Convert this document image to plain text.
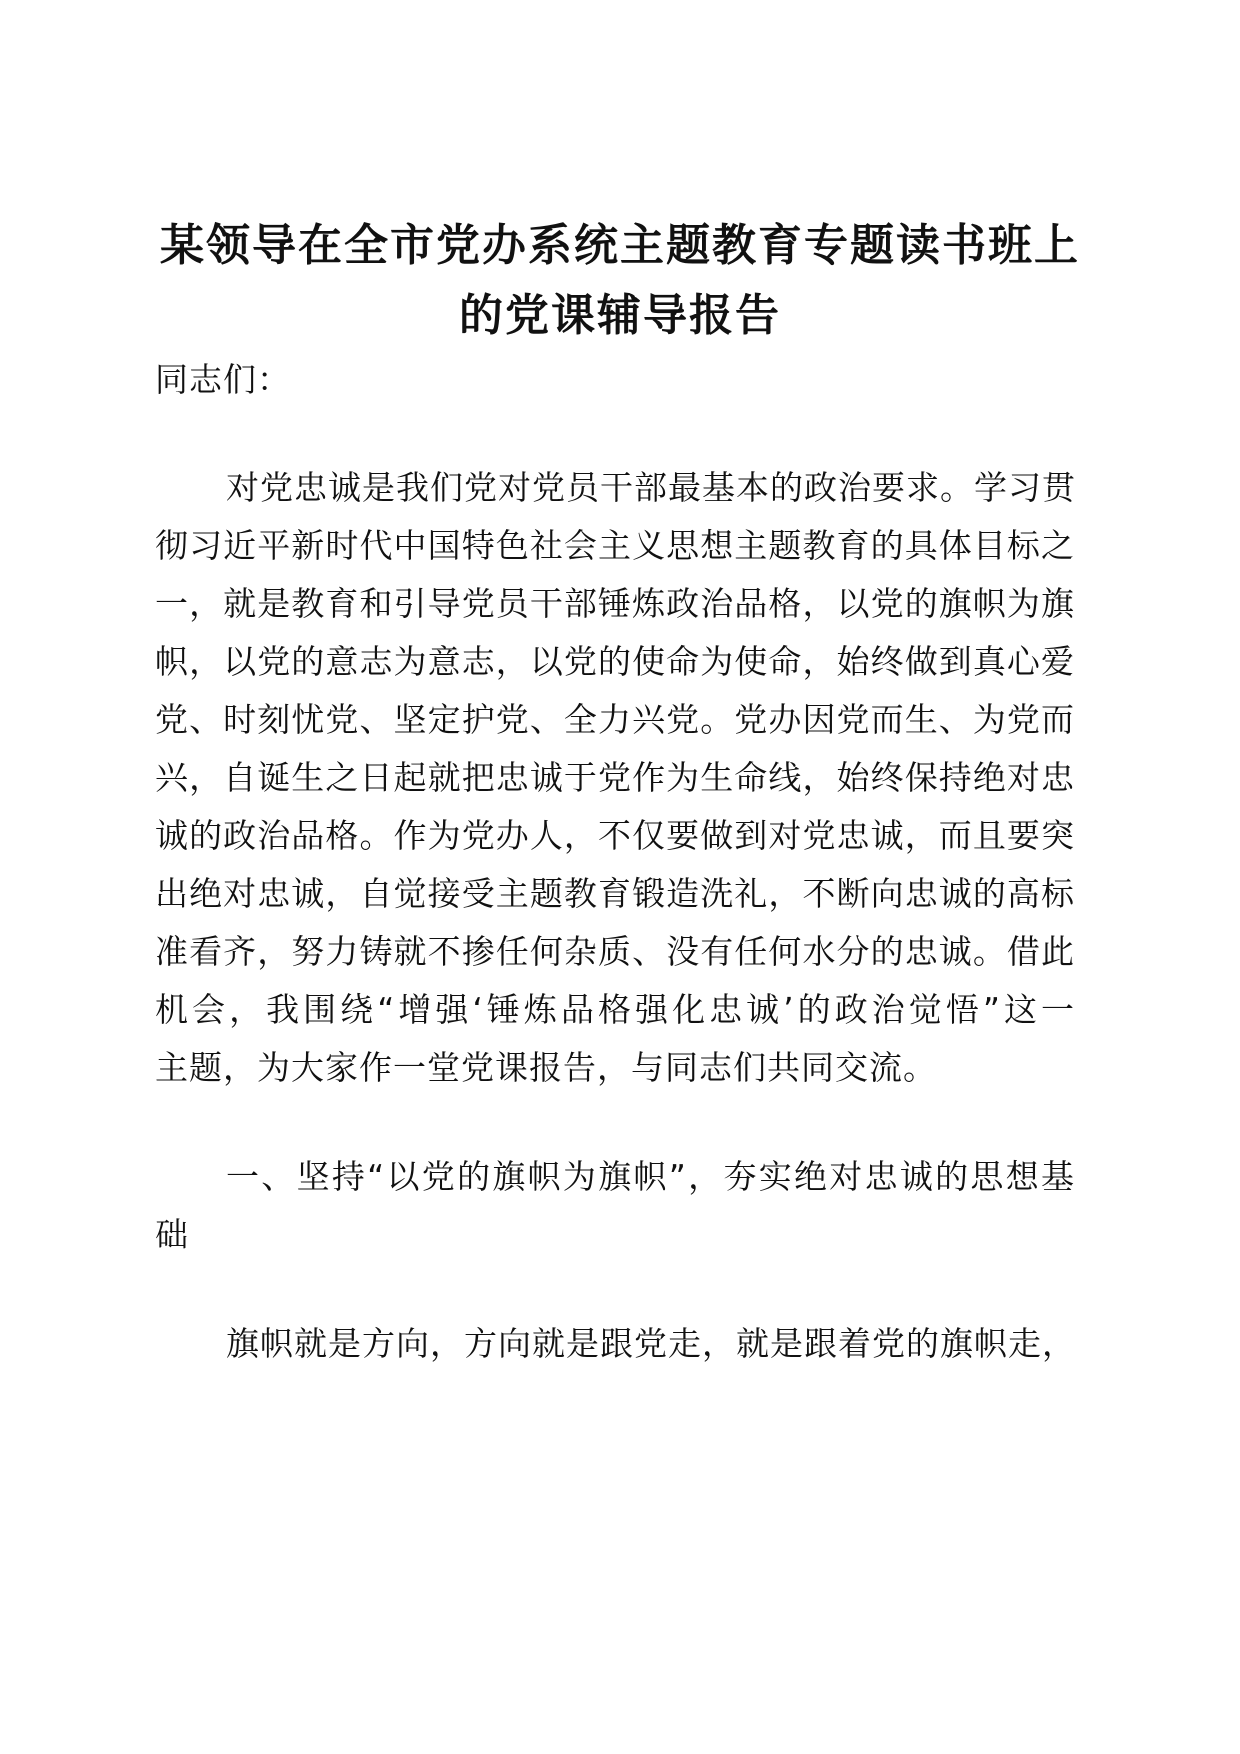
某领导在全市党办系统主题教育专题读书班上
的党课辅导报告
同志们：
对党忠诚是我们党对党员干部最基本的政治要求。学习贯
彻习近平新时代中国特色社会主义思想主题教育的具体目标之
一，就是教育和引导党员干部锤炼政治品格，以党的旗帜为旗
帜，以党的意志为意志，以党的使命为使命，始终做到真心爱
党、时刻忧党、坚定护党、全力兴党。党办因党而生、为党而
兴，自诞生之日起就把忠诚于党作为生命线，始终保持绝对忠
诚的政治品格。作为党办人，不仅要做到对党忠诚，而且要突
出绝对忠诚，自觉接受主题教育锻造洗礼，不断向忠诚的高标
准看齐，努力铸就不掺任何杂质、没有任何水分的忠诚。借此
机会，我围绕“增强‘锤炼品格强化忠诚’的政治觉悟”这一
主题，为大家作一堂党课报告，与同志们共同交流。
一、坚持“以党的旗帜为旗帜”，夯实绝对忠诚的思想基
础
旗帜就是方向，方向就是跟党走，就是跟着党的旗帜走，
